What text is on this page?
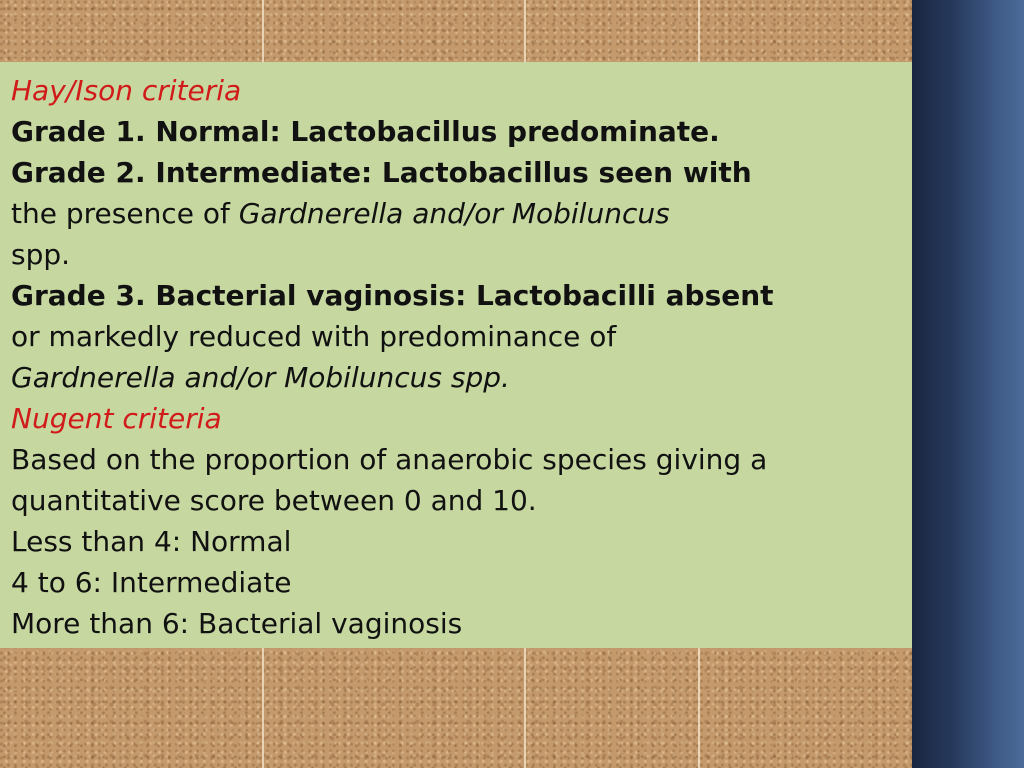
Hay/Ison criteria
Grade 1. Normal: Lactobacillus predominate.
Grade 2. Intermediate: Lactobacillus seen with
the presence of Gardnerella and/or Mobiluncus
spp.
Grade 3. Bacterial vaginosis: Lactobacilli absent
or markedly reduced with predominance of
Gardnerella and/or Mobiluncus spp.
Nugent criteria
Based on the proportion of anaerobic species giving a
quantitative score between 0 and 10.
Less than 4: Normal
4 to 6: Intermediate
More than 6: Bacterial vaginosis
